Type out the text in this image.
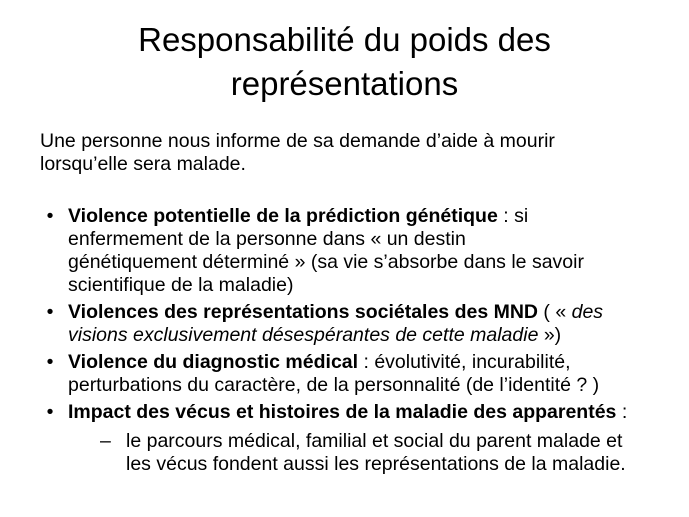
Responsabilité du poids des
représentations
Une personne nous informe de sa demande d’aide à mourir
lorsqu’elle sera malade.
• Violence potentielle de la prédiction génétique : si
enfermement de la personne dans « un destin
génétiquement déterminé » (sa vie s’absorbe dans le savoir
scientifique de la maladie)
• Violences des représentations sociétales des MND ( « des
visions exclusivement désespérantes de cette maladie »)
• Violence du diagnostic médical : évolutivité, incurabilité,
perturbations du caractère, de la personnalité (de l’identité ? )
• Impact des vécus et histoires de la maladie des apparentés :
– le parcours médical, familial et social du parent malade et
les vécus fondent aussi les représentations de la maladie.
